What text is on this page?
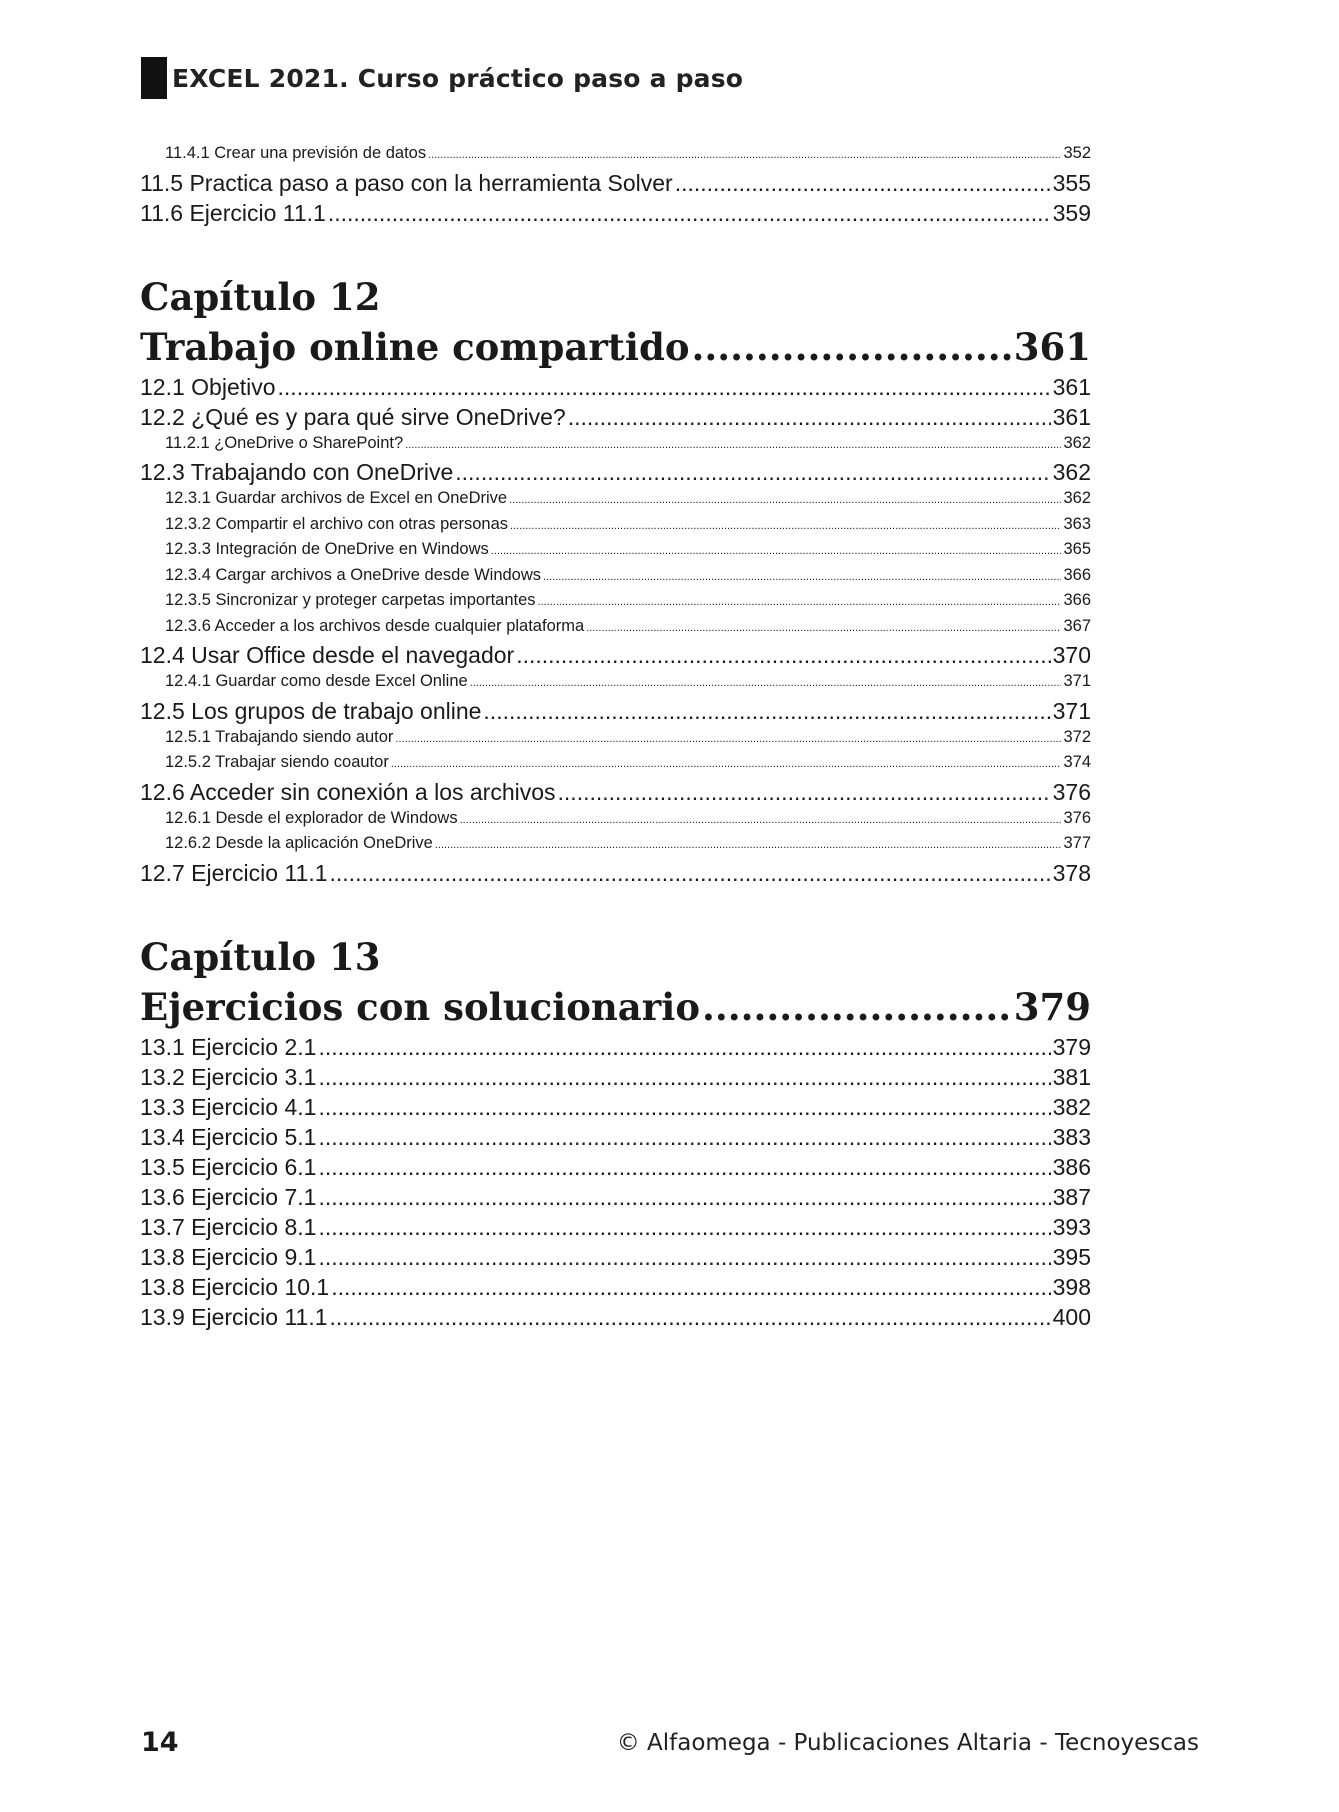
EXCEL 2021. Curso práctico paso a paso
11.4.1 Crear una previsión de datos .....	352
11.5 Practica paso a paso con la herramienta Solver .....	355
11.6 Ejercicio 11.1 .....	359
Capítulo 12
Trabajo online compartido .....	361
12.1 Objetivo .....	361
12.2 ¿Qué es y para qué sirve OneDrive? .....	361
11.2.1 ¿OneDrive o SharePoint? .....	362
12.3 Trabajando con OneDrive .....	362
12.3.1 Guardar archivos de Excel en OneDrive .....	362
12.3.2 Compartir el archivo con otras personas .....	363
12.3.3 Integración de OneDrive en Windows .....	365
12.3.4 Cargar archivos a OneDrive desde Windows .....	366
12.3.5 Sincronizar y proteger carpetas importantes .....	366
12.3.6 Acceder a los archivos desde cualquier plataforma .....	367
12.4 Usar Office desde el navegador .....	370
12.4.1 Guardar como desde Excel Online .....	371
12.5 Los grupos de trabajo online .....	371
12.5.1 Trabajando siendo autor .....	372
12.5.2 Trabajar siendo coautor .....	374
12.6 Acceder sin conexión a los archivos .....	376
12.6.1 Desde el explorador de Windows .....	376
12.6.2 Desde la aplicación OneDrive .....	377
12.7 Ejercicio 11.1 .....	378
Capítulo 13
Ejercicios con solucionario .....	379
13.1 Ejercicio 2.1 .....	379
13.2 Ejercicio 3.1 .....	381
13.3 Ejercicio 4.1 .....	382
13.4 Ejercicio 5.1 .....	383
13.5 Ejercicio 6.1 .....	386
13.6 Ejercicio 7.1 .....	387
13.7 Ejercicio 8.1 .....	393
13.8 Ejercicio 9.1 .....	395
13.8 Ejercicio 10.1 .....	398
13.9 Ejercicio 11.1 .....	400
14	© Alfaomega - Publicaciones Altaria - Tecnoyescas
